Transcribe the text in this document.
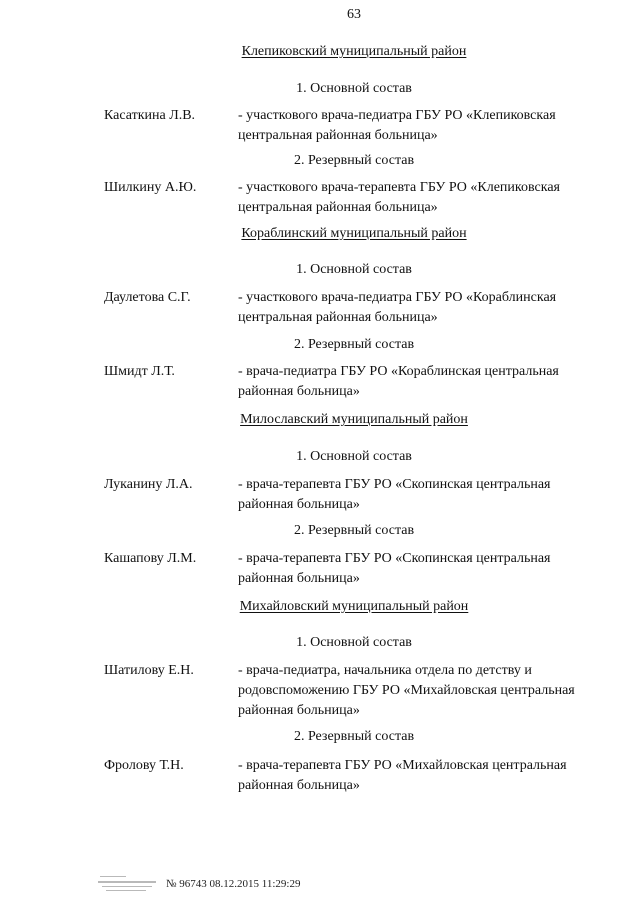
63
Клепиковский муниципальный район
1. Основной состав
Касаткина Л.В.	- участкового врача-педиатра ГБУ РО «Клепиковская центральная районная больница»
2. Резервный состав
Шилкину А.Ю.	- участкового врача-терапевта ГБУ РО «Клепиковская центральная районная больница»
Кораблинский муниципальный район
1. Основной состав
Даулетова С.Г.	- участкового врача-педиатра ГБУ РО «Кораблинская центральная районная больница»
2. Резервный состав
Шмидт Л.Т.	- врача-педиатра ГБУ РО «Кораблинская центральная районная больница»
Милославский муниципальный район
1. Основной состав
Луканину Л.А.	- врача-терапевта ГБУ РО «Скопинская центральная районная больница»
2. Резервный состав
Кашапову Л.М.	- врача-терапевта ГБУ РО «Скопинская центральная районная больница»
Михайловский муниципальный район
1. Основной состав
Шатилову Е.Н.	- врача-педиатра, начальника отдела по детству и родовспоможению ГБУ РО «Михайловская центральная районная больница»
2. Резервный состав
Фролову Т.Н.	- врача-терапевта ГБУ РО «Михайловская центральная районная больница»
№ 96743 08.12.2015 11:29:29
